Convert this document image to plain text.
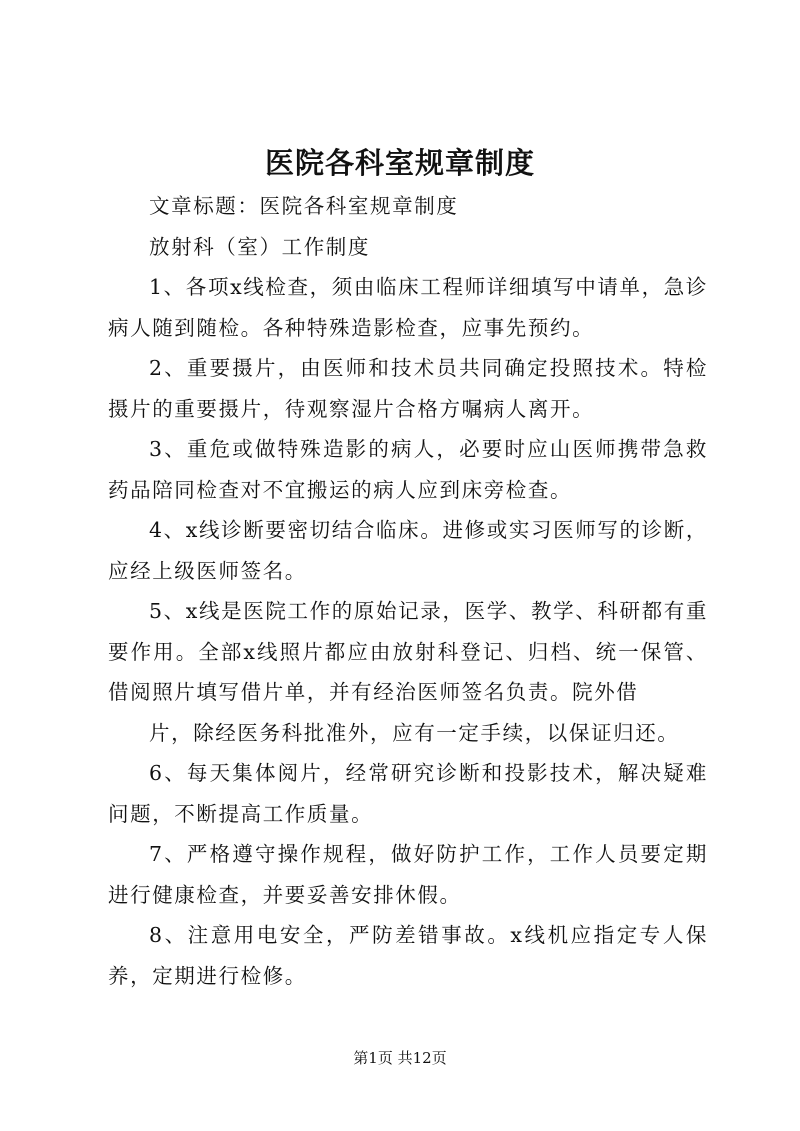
医院各科室规章制度

文章标题：医院各科室规章制度

放射科（室）工作制度

1、各项x线检查，须由临床工程师详细填写中请单，急诊病人随到随检。各种特殊造影检查，应事先预约。

2、重要摄片，由医师和技术员共同确定投照技术。特检摄片的重要摄片，待观察湿片合格方嘱病人离开。

3、重危或做特殊造影的病人，必要时应山医师携带急救药品陪同检查对不宜搬运的病人应到床旁检查。

4、x线诊断要密切结合临床。进修或实习医师写的诊断，应经上级医师签名。

5、x线是医院工作的原始记录，医学、教学、科研都有重要作用。全部x线照片都应由放射科登记、归档、统一保管、借阅照片填写借片单，并有经治医师签名负责。院外借

片，除经医务科批准外，应有一定手续，以保证归还。

6、每天集体阅片，经常研究诊断和投影技术，解决疑难问题，不断提高工作质量。

7、严格遵守操作规程，做好防护工作，工作人员要定期进行健康检查，并要妥善安排休假。

8、注意用电安全，严防差错事故。x线机应指定专人保养，定期进行检修。

第1页 共12页
